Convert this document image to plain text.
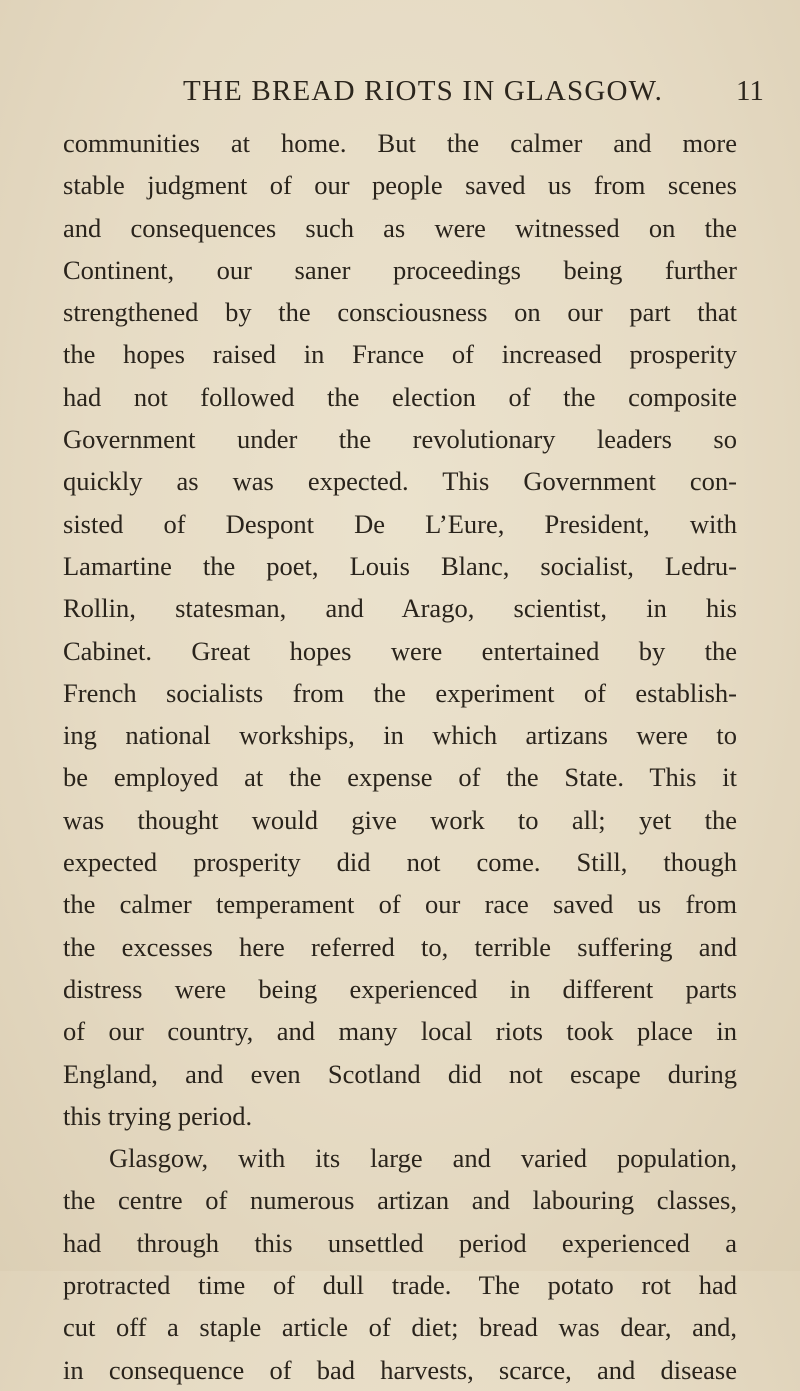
THE BREAD RIOTS IN GLASGOW.	11
communities at home. But the calmer and more
stable judgment of our people saved us from scenes
and consequences such as were witnessed on the
Continent, our saner proceedings being further
strengthened by the consciousness on our part that
the hopes raised in France of increased prosperity
had not followed the election of the composite
Government under the revolutionary leaders so
quickly as was expected. This Government con-
sisted of Despont De L’Eure, President, with
Lamartine the poet, Louis Blanc, socialist, Ledru-
Rollin, statesman, and Arago, scientist, in his
Cabinet. Great hopes were entertained by the
French socialists from the experiment of establish-
ing national workships, in which artizans were to
be employed at the expense of the State. This it
was thought would give work to all; yet the
expected prosperity did not come. Still, though
the calmer temperament of our race saved us from
the excesses here referred to, terrible suffering and
distress were being experienced in different parts
of our country, and many local riots took place in
England, and even Scotland did not escape during
this trying period.
Glasgow, with its large and varied population,
the centre of numerous artizan and labouring classes,
had through this unsettled period experienced a
protracted time of dull trade. The potato rot had
cut off a staple article of diet; bread was dear, and,
in consequence of bad harvests, scarce, and disease
